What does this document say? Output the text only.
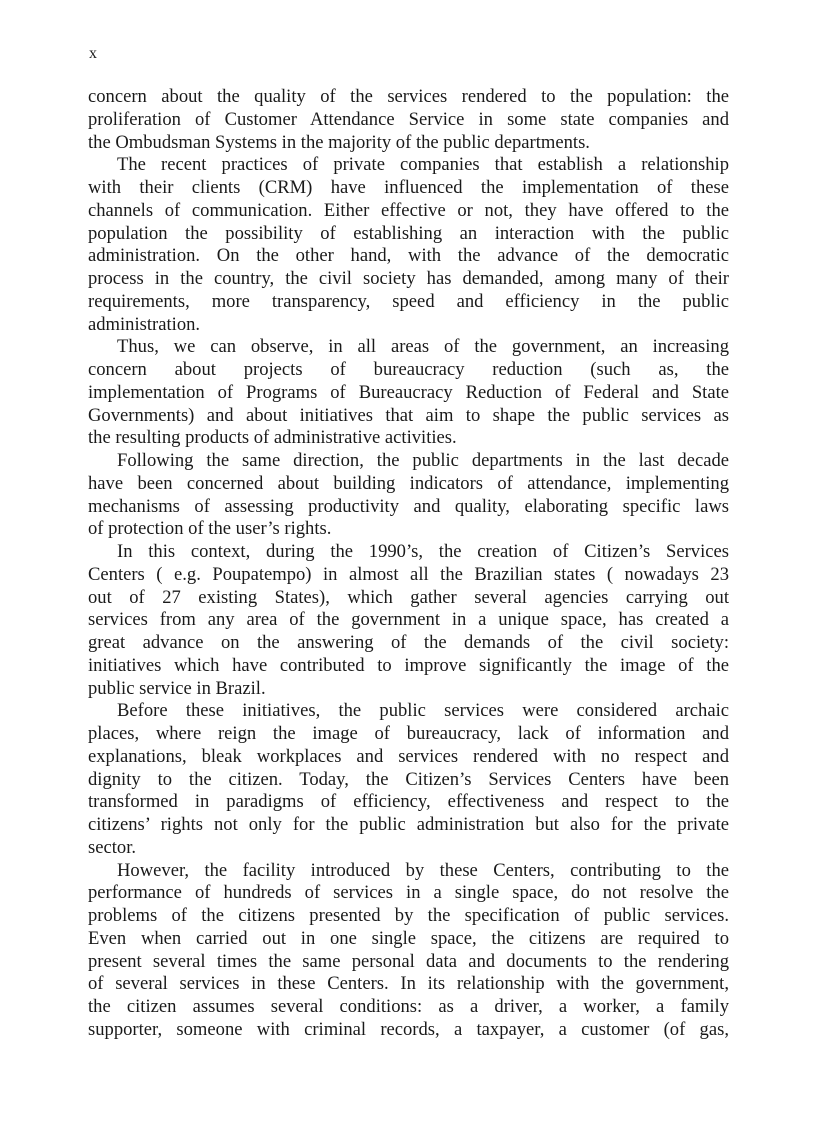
x
concern about the quality of the services rendered to the population: the
proliferation of Customer Attendance Service in some state companies and
the Ombudsman Systems in the majority of the public departments.
The recent practices of private companies that establish a relationship
with their clients (CRM) have influenced the implementation of these
channels of communication. Either effective or not, they have offered to the
population the possibility of establishing an interaction with the public
administration. On the other hand, with the advance of the democratic
process in the country, the civil society has demanded, among many of their
requirements, more transparency, speed and efficiency in the public
administration.
Thus, we can observe, in all areas of the government, an increasing
concern about projects of bureaucracy reduction (such as, the
implementation of Programs of Bureaucracy Reduction of Federal and State
Governments) and about initiatives that aim to shape the public services as
the resulting products of administrative activities.
Following the same direction, the public departments in the last decade
have been concerned about building indicators of attendance, implementing
mechanisms of assessing productivity and quality, elaborating specific laws
of protection of the user’s rights.
In this context, during the 1990’s, the creation of Citizen’s Services
Centers ( e.g. Poupatempo) in almost all the Brazilian states ( nowadays 23
out of 27 existing States), which gather several agencies carrying out
services from any area of the government in a unique space, has created a
great advance on the answering of the demands of the civil society:
initiatives which have contributed to improve significantly the image of the
public service in Brazil.
Before these initiatives, the public services were considered archaic
places, where reign the image of bureaucracy, lack of information and
explanations, bleak workplaces and services rendered with no respect and
dignity to the citizen. Today, the Citizen’s Services Centers have been
transformed in paradigms of efficiency, effectiveness and respect to the
citizens’ rights not only for the public administration but also for the private
sector.
However, the facility introduced by these Centers, contributing to the
performance of hundreds of services in a single space, do not resolve the
problems of the citizens presented by the specification of public services.
Even when carried out in one single space, the citizens are required to
present several times the same personal data and documents to the rendering
of several services in these Centers. In its relationship with the government,
the citizen assumes several conditions: as a driver, a worker, a family
supporter, someone with criminal records, a taxpayer, a customer (of gas,
